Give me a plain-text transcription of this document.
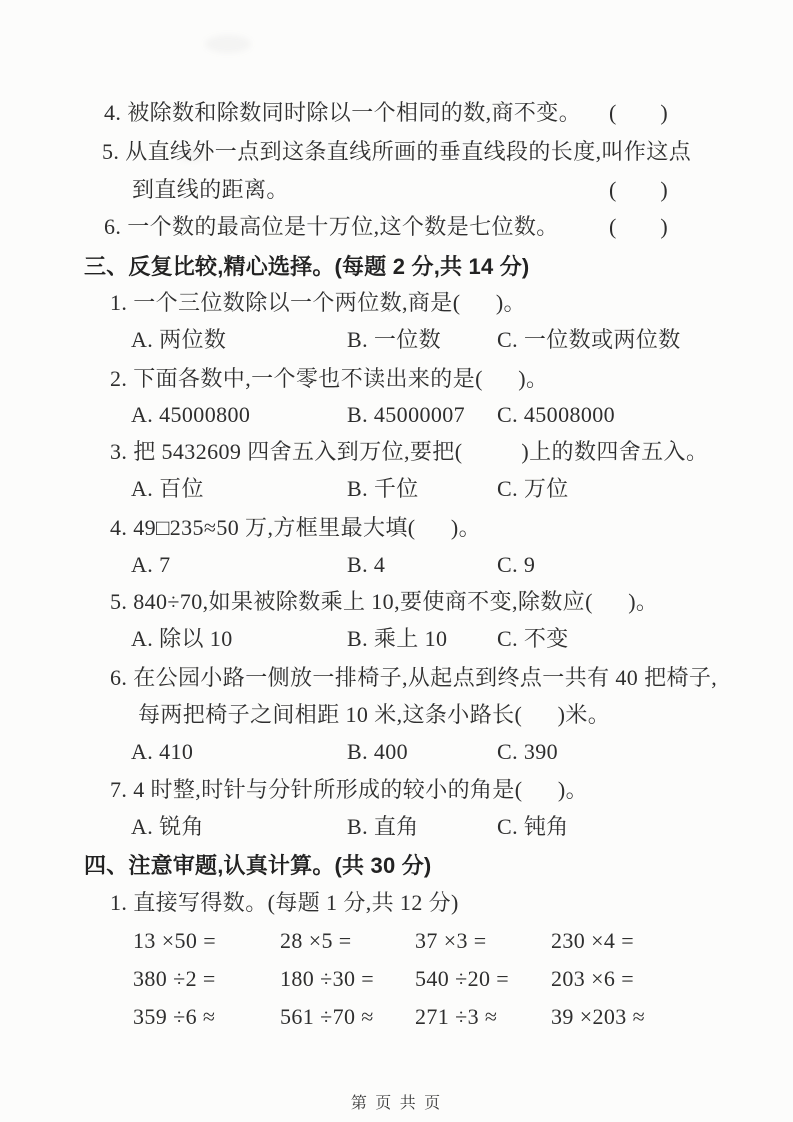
4. 被除数和除数同时除以一个相同的数,商不变。 (        )
5. 从直线外一点到这条直线所画的垂直线段的长度,叫作这点
到直线的距离。	(        )
6. 一个数的最高位是十万位,这个数是七位数。 (        )
三、反复比较,精心选择。(每题 2 分,共 14 分)
1. 一个三位数除以一个两位数,商是(      )。
A. 两位数	B. 一位数	C. 一位数或两位数
2. 下面各数中,一个零也不读出来的是(      )。
A. 45000800	B. 45000007 C. 45008000
3. 把 5432609 四舍五入到万位,要把(          )上的数四舍五入。
A. 百位	B. 千位	C. 万位
4. 49□235≈50 万,方框里最大填(      )。
A. 7	B. 4	C. 9
5. 840÷70,如果被除数乘上 10,要使商不变,除数应(      )。
A. 除以 10	B. 乘上 10 C. 不变
6. 在公园小路一侧放一排椅子,从起点到终点一共有 40 把椅子,
每两把椅子之间相距 10 米,这条小路长(      )米。
A. 410	B. 400	C. 390
7. 4 时整,时针与分针所形成的较小的角是(      )。
A. 锐角	B. 直角	C. 钝角
四、注意审题,认真计算。(共 30 分)
1. 直接写得数。(每题 1 分,共 12 分)
13 ×50 =	28 ×5 =	37 ×3 =	230 ×4 =
380 ÷2 =	180 ÷30 = 540 ÷20 = 203 ×6 =
359 ÷6 ≈	561 ÷70 ≈ 271 ÷3 ≈ 39 ×203 ≈
第 页 共 页
